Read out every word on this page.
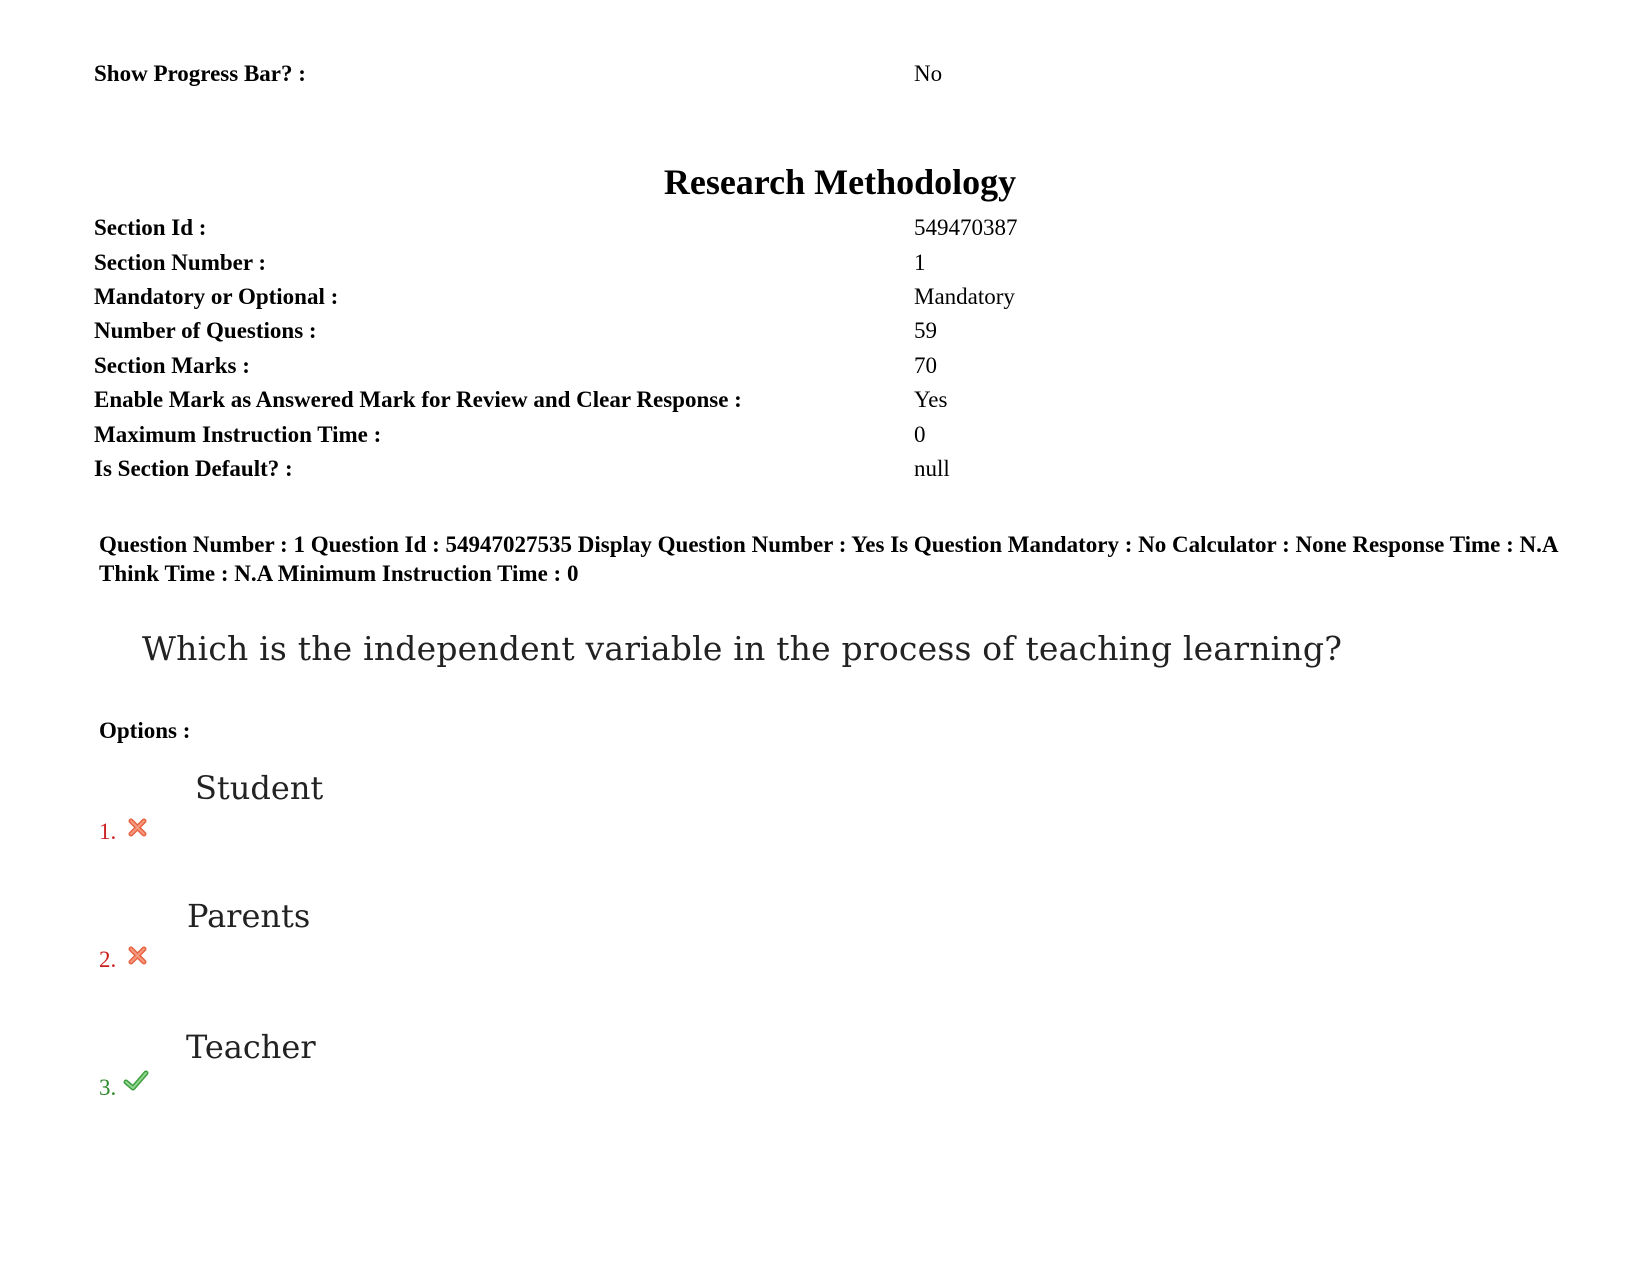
Show Progress Bar? :	No
Research Methodology
Section Id :	549470387
Section Number :	1
Mandatory or Optional :	Mandatory
Number of Questions :	59
Section Marks :	70
Enable Mark as Answered Mark for Review and Clear Response :	Yes
Maximum Instruction Time :	0
Is Section Default? :	null
Question Number : 1 Question Id : 54947027535 Display Question Number : Yes Is Question Mandatory : No Calculator : None Response Time : N.A Think Time : N.A Minimum Instruction Time : 0
Which is the independent variable in the process of teaching learning?
Options :
Student
1.
Parents
2.
Teacher
3.
